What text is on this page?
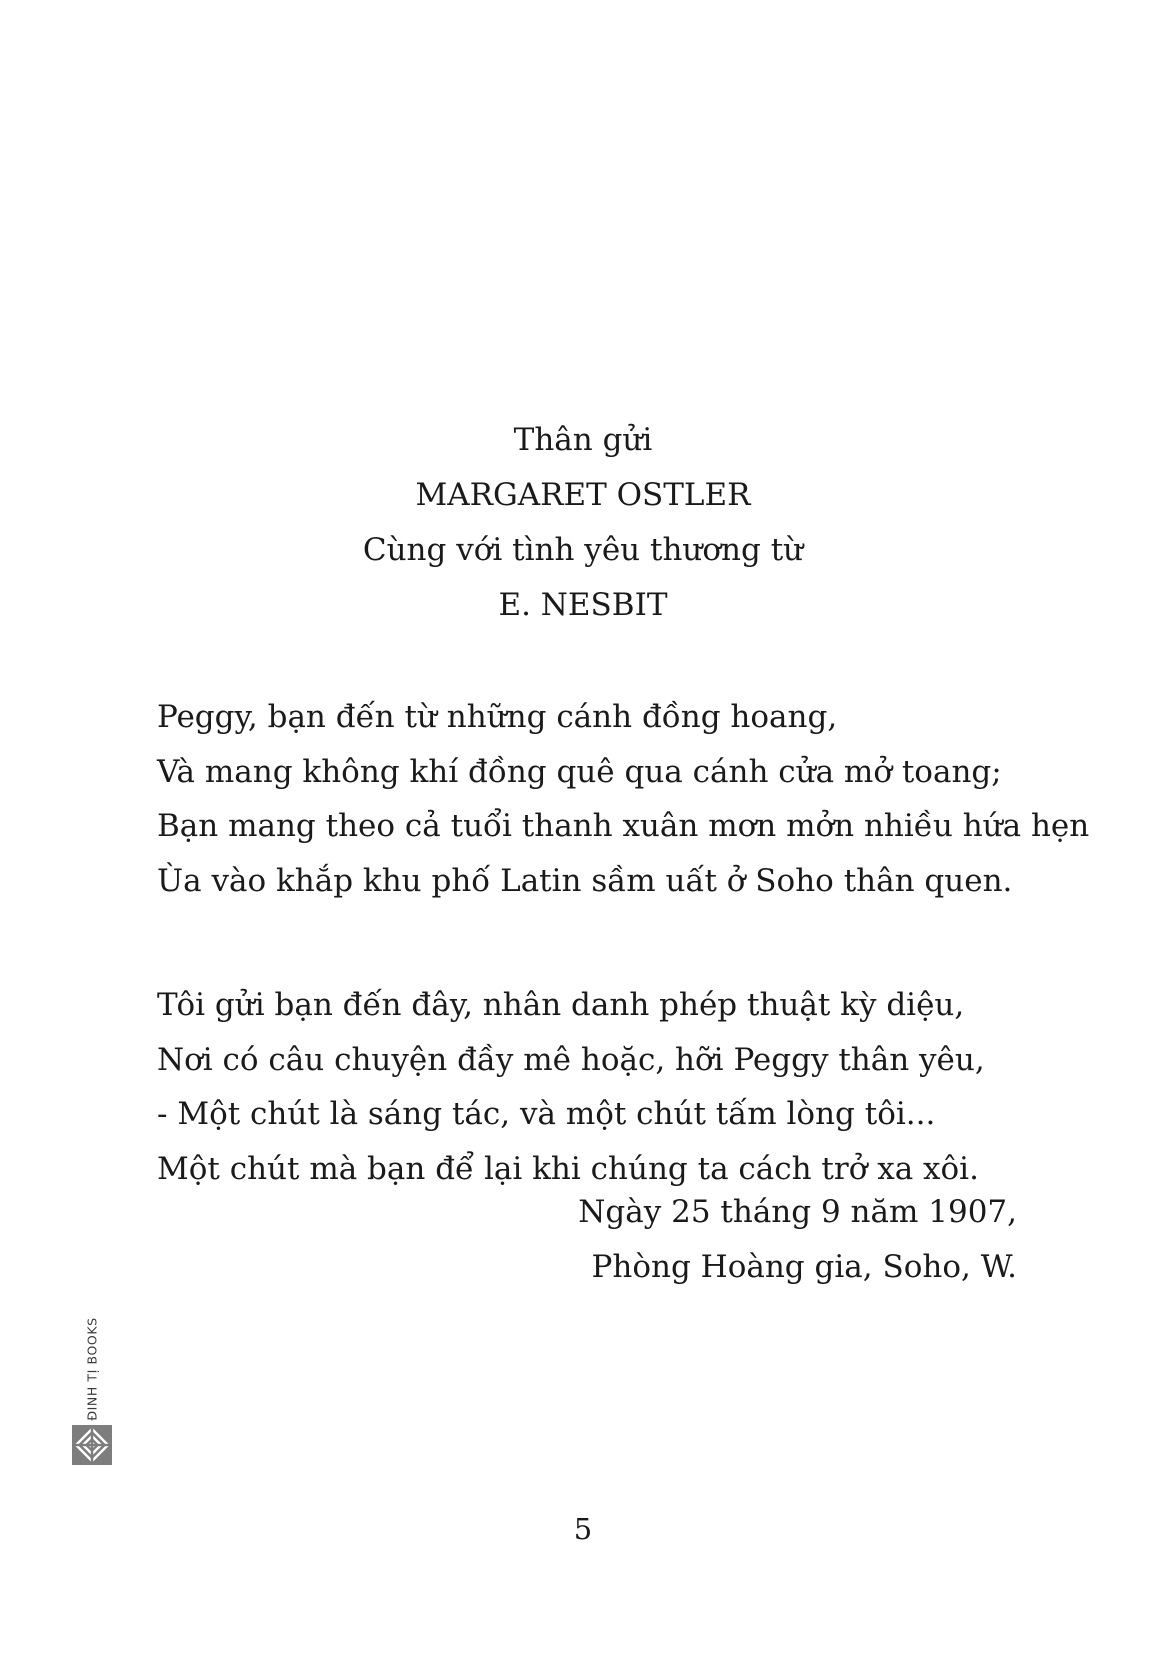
Thân gửi
MARGARET OSTLER
Cùng với tình yêu thương từ
E. NESBIT
Peggy, bạn đến từ những cánh đồng hoang,
Và mang không khí đồng quê qua cánh cửa mở toang;
Bạn mang theo cả tuổi thanh xuân mơn mởn nhiều hứa hẹn
Ùa vào khắp khu phố Latin sầm uất ở Soho thân quen.
Tôi gửi bạn đến đây, nhân danh phép thuật kỳ diệu,
Nơi có câu chuyện đầy mê hoặc, hỡi Peggy thân yêu,
- Một chút là sáng tác, và một chút tấm lòng tôi...
Một chút mà bạn để lại khi chúng ta cách trở xa xôi.
Ngày 25 tháng 9 năm 1907,
Phòng Hoàng gia, Soho, W.
ĐINH TỊ BOOKS
5
